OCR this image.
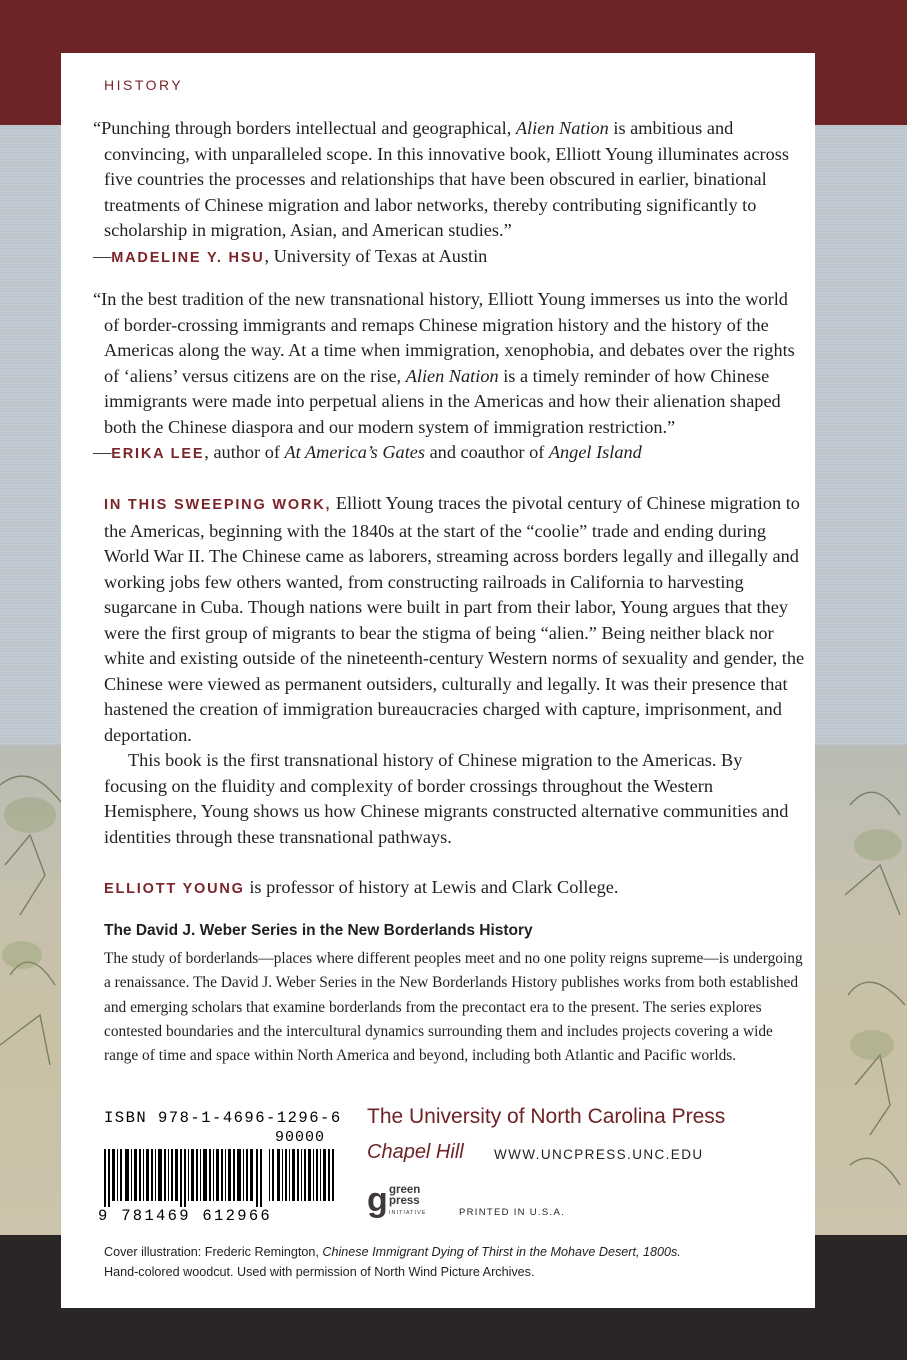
HISTORY

“Punching through borders intellectual and geographical, Alien Nation is ambitious and convincing, with unparalleled scope. In this innovative book, Elliott Young illuminates across five countries the processes and relationships that have been obscured in earlier, binational treatments of Chinese migration and labor networks, thereby contributing significantly to scholarship in migration, Asian, and American studies.”

—MADELINE Y. HSU, University of Texas at Austin

“In the best tradition of the new transnational history, Elliott Young immerses us into the world of border-crossing immigrants and remaps Chinese migration history and the history of the Americas along the way. At a time when immigration, xenophobia, and debates over the rights of ‘aliens’ versus citizens are on the rise, Alien Nation is a timely reminder of how Chinese immigrants were made into perpetual aliens in the Americas and how their alienation shaped both the Chinese diaspora and our modern system of immigration restriction.”

—ERIKA LEE, author of At America’s Gates and coauthor of Angel Island

IN THIS SWEEPING WORK, Elliott Young traces the pivotal century of Chinese migration to the Americas, beginning with the 1840s at the start of the “coolie” trade and ending during World War II. The Chinese came as laborers, streaming across borders legally and illegally and working jobs few others wanted, from constructing railroads in California to harvesting sugarcane in Cuba. Though nations were built in part from their labor, Young argues that they were the first group of migrants to bear the stigma of being “alien.” Being neither black nor white and existing outside of the nineteenth-century Western norms of sexuality and gender, the Chinese were viewed as permanent outsiders, culturally and legally. It was their presence that hastened the creation of immigration bureaucracies charged with capture, imprisonment, and deportation.

This book is the first transnational history of Chinese migration to the Americas. By focusing on the fluidity and complexity of border crossings throughout the Western Hemisphere, Young shows us how Chinese migrants constructed alternative communities and identities through these transnational pathways.

ELLIOTT YOUNG is professor of history at Lewis and Clark College.

The David J. Weber Series in the New Borderlands History
The study of borderlands—places where different peoples meet and no one polity reigns supreme—is undergoing a renaissance. The David J. Weber Series in the New Borderlands History publishes works from both established and emerging scholars that examine borderlands from the precontact era to the present. The series explores contested boundaries and the intercultural dynamics surrounding them and includes projects covering a wide range of time and space within North America and beyond, including both Atlantic and Pacific worlds.
ISBN 978-1-4696-1296-6
90000
9 781469 612966
The University of North Carolina Press
Chapel Hill WWW.UNCPRESS.UNC.EDU
g green
press
INITIATIVE	PRINTED IN U.S.A.
Cover illustration: Frederic Remington, Chinese Immigrant Dying of Thirst in the Mohave Desert, 1800s.
Hand-colored woodcut. Used with permission of North Wind Picture Archives.
